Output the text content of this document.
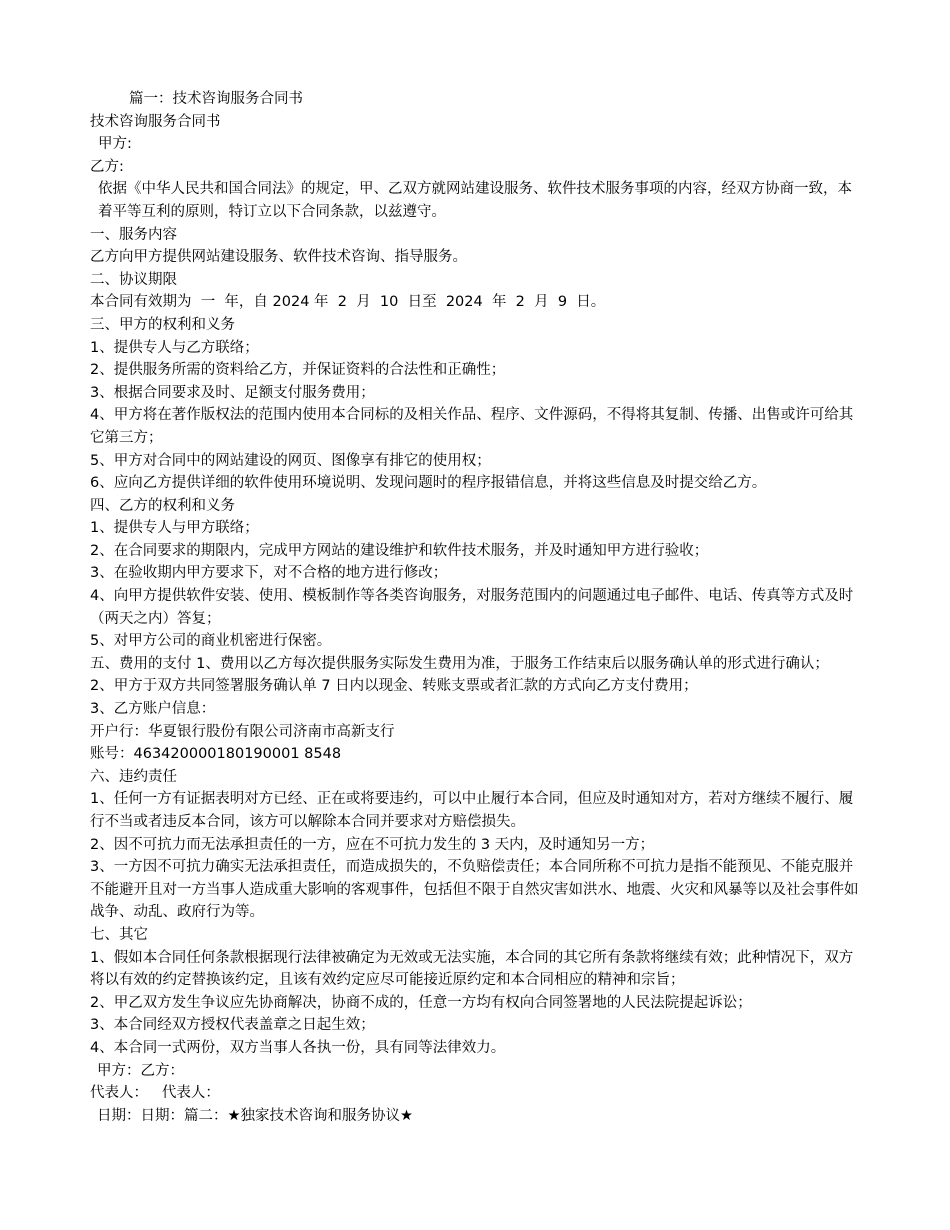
篇一：技术咨询服务合同书

技术咨询服务合同书

甲方:

乙方:

依据《中华人民共和国合同法》的规定，甲、乙双方就网站建设服务、软件技术服务事项的内容，经双方协商一致，本着平等互利的原则，特订立以下合同条款，以兹遵守。

一、服务内容

乙方向甲方提供网站建设服务、软件技术咨询、指导服务。

二、协议期限

本合同有效期为  一  年，自 2024 年  2  月  10  日至  2024  年  2  月  9  日。

三、甲方的权利和义务

1、提供专人与乙方联络；

2、提供服务所需的资料给乙方，并保证资料的合法性和正确性；

3、根据合同要求及时、足额支付服务费用；

4、甲方将在著作版权法的范围内使用本合同标的及相关作品、程序、文件源码，不得将其复制、传播、出售或许可给其它第三方；

5、甲方对合同中的网站建设的网页、图像享有排它的使用权；

6、应向乙方提供详细的软件使用环境说明、发现问题时的程序报错信息，并将这些信息及时提交给乙方。

四、乙方的权利和义务

1、提供专人与甲方联络；

2、在合同要求的期限内，完成甲方网站的建设维护和软件技术服务，并及时通知甲方进行验收；

3、在验收期内甲方要求下，对不合格的地方进行修改；

4、向甲方提供软件安装、使用、模板制作等各类咨询服务，对服务范围内的问题通过电子邮件、电话、传真等方式及时（两天之内）答复；

5、对甲方公司的商业机密进行保密。

五、费用的支付 1、费用以乙方每次提供服务实际发生费用为准，于服务工作结束后以服务确认单的形式进行确认；

2、甲方于双方共同签署服务确认单 7 日内以现金、转账支票或者汇款的方式向乙方支付费用；

3、乙方账户信息：

开户行：华夏银行股份有限公司济南市高新支行

账号：463420000180190001 8548

六、违约责任

1、任何一方有证据表明对方已经、正在或将要违约，可以中止履行本合同，但应及时通知对方，若对方继续不履行、履行不当或者违反本合同，该方可以解除本合同并要求对方赔偿损失。

2、因不可抗力而无法承担责任的一方，应在不可抗力发生的 3 天内，及时通知另一方；

3、一方因不可抗力确实无法承担责任，而造成损失的，不负赔偿责任；本合同所称不可抗力是指不能预见、不能克服并不能避开且对一方当事人造成重大影响的客观事件，包括但不限于自然灾害如洪水、地震、火灾和风暴等以及社会事件如战争、动乱、政府行为等。

七、其它

1、假如本合同任何条款根据现行法律被确定为无效或无法实施，本合同的其它所有条款将继续有效；此种情况下，双方将以有效的约定替换该约定，且该有效约定应尽可能接近原约定和本合同相应的精神和宗旨；

2、甲乙双方发生争议应先协商解决，协商不成的，任意一方均有权向合同签署地的人民法院提起诉讼；

3、本合同经双方授权代表盖章之日起生效；

4、本合同一式两份，双方当事人各执一份，具有同等法律效力。

甲方：乙方：

代表人：   代表人：

日期：日期：篇二：★独家技术咨询和服务协议★
